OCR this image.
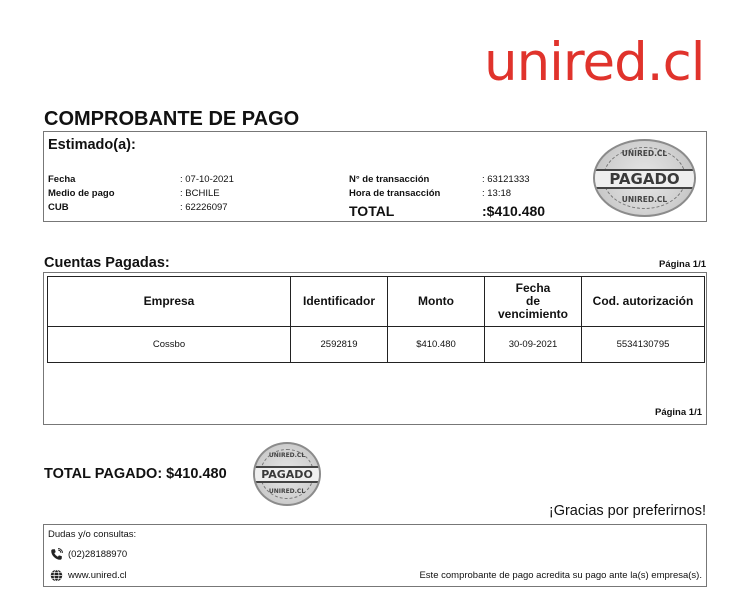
unired.cl
COMPROBANTE DE PAGO
Estimado(a):
Fecha	: 07-10-2021
Medio de pago	: BCHILE
CUB	: 62226097
N° de transacción	: 63121333
Hora de transacción	: 13:18
TOTAL	:$410.480
UNIRED.CL
PAGADO
UNIRED.CL
Cuentas Pagadas:	Página 1/1
Empresa	Identificador	Monto	Fecha
de
vencimiento	Cod. autorización
Cossbo	2592819	$410.480	30-09-2021	5534130795
Página 1/1
TOTAL PAGADO: $410.480
UNIRED.CL
PAGADO
UNIRED.CL
¡Gracias por preferirnos!
Dudas y/o consultas:
(02)28188970
www.unired.cl	Este comprobante de pago acredita su pago ante la(s) empresa(s).
